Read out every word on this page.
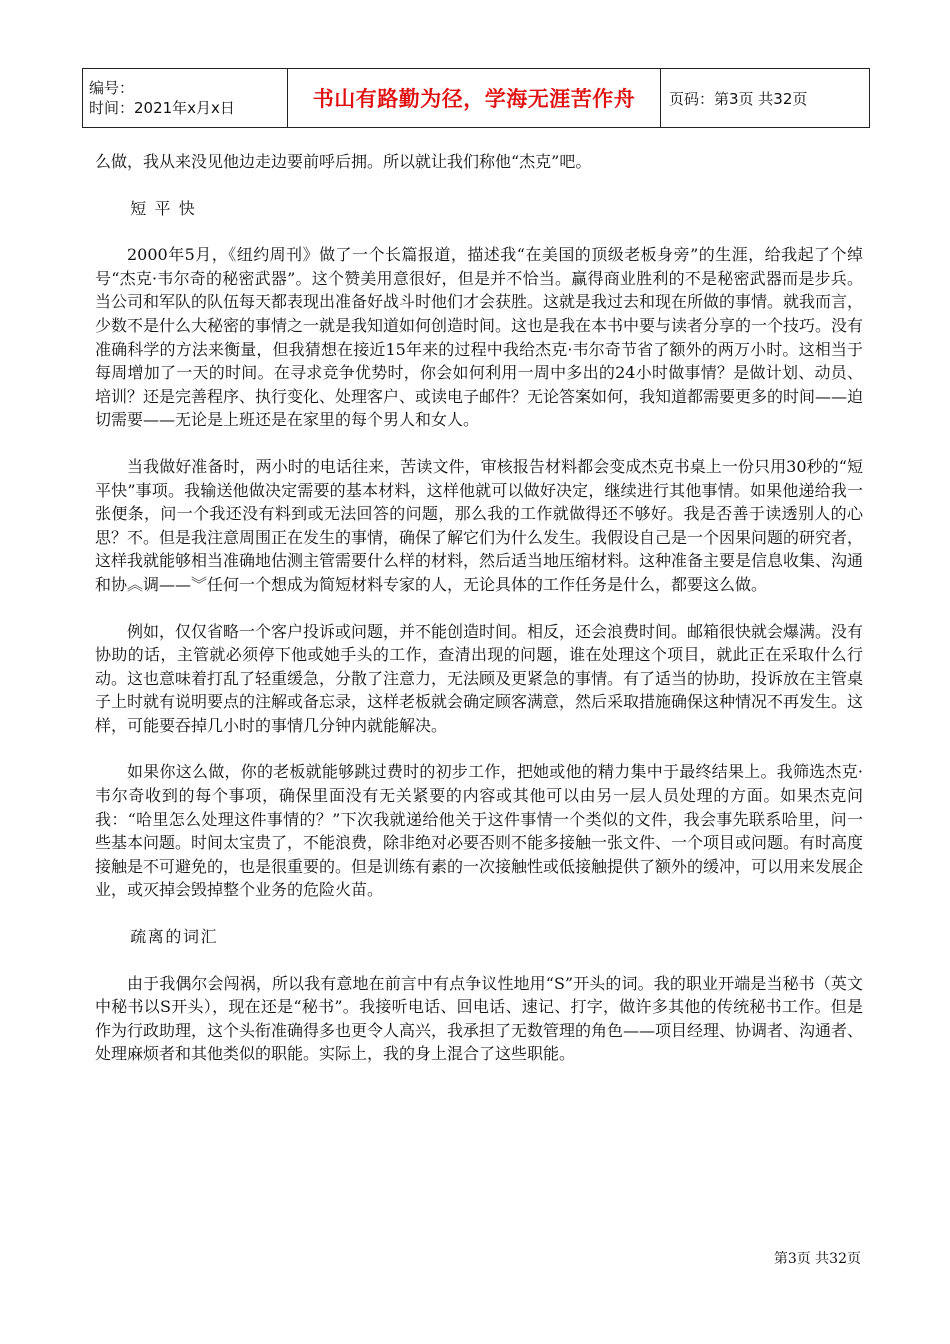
编号：
时间：2021年x月x日	书山有路勤为径，学海无涯苦作舟	页码：第3页 共32页

么做，我从来没见他边走边要前呼后拥。所以就让我们称他“杰克”吧。

短 平 快

2000年5月，《纽约周刊》做了一个长篇报道，描述我“在美国的顶级老板身旁”的生涯，给我起了个绰号“杰克·韦尔奇的秘密武器”。这个赞美用意很好，但是并不恰当。赢得商业胜利的不是秘密武器而是步兵。当公司和军队的队伍每天都表现出准备好战斗时他们才会获胜。这就是我过去和现在所做的事情。就我而言，少数不是什么大秘密的事情之一就是我知道如何创造时间。这也是我在本书中要与读者分享的一个技巧。没有准确科学的方法来衡量，但我猜想在接近15年来的过程中我给杰克·韦尔奇节省了额外的两万小时。这相当于每周增加了一天的时间。在寻求竞争优势时，你会如何利用一周中多出的24小时做事情？是做计划、动员、培训？还是完善程序、执行变化、处理客户、或读电子邮件？无论答案如何，我知道都需要更多的时间——迫切需要——无论是上班还是在家里的每个男人和女人。

当我做好准备时，两小时的电话往来，苦读文件，审核报告材料都会变成杰克书桌上一份只用30秒的“短平快”事项。我输送他做决定需要的基本材料，这样他就可以做好决定，继续进行其他事情。如果他递给我一张便条，问一个我还没有料到或无法回答的问题，那么我的工作就做得还不够好。我是否善于读透别人的心思？不。但是我注意周围正在发生的事情，确保了解它们为什么发生。我假设自己是一个因果问题的研究者，这样我就能够相当准确地估测主管需要什么样的材料，然后适当地压缩材料。这种准备主要是信息收集、沟通和协︽调——︾任何一个想成为简短材料专家的人，无论具体的工作任务是什么，都要这么做。

例如，仅仅省略一个客户投诉或问题，并不能创造时间。相反，还会浪费时间。邮箱很快就会爆满。没有协助的话，主管就必须停下他或她手头的工作，查清出现的问题，谁在处理这个项目，就此正在采取什么行动。这也意味着打乱了轻重缓急，分散了注意力，无法顾及更紧急的事情。有了适当的协助，投诉放在主管桌子上时就有说明要点的注解或备忘录，这样老板就会确定顾客满意，然后采取措施确保这种情况不再发生。这样，可能要吞掉几小时的事情几分钟内就能解决。

如果你这么做，你的老板就能够跳过费时的初步工作，把她或他的精力集中于最终结果上。我筛选杰克·韦尔奇收到的每个事项，确保里面没有无关紧要的内容或其他可以由另一层人员处理的方面。如果杰克问我：“哈里怎么处理这件事情的？”下次我就递给他关于这件事情一个类似的文件，我会事先联系哈里，问一些基本问题。时间太宝贵了，不能浪费，除非绝对必要否则不能多接触一张文件、一个项目或问题。有时高度接触是不可避免的，也是很重要的。但是训练有素的一次接触性或低接触提供了额外的缓冲，可以用来发展企业，或灭掉会毁掉整个业务的危险火苗。

疏离的词汇

由于我偶尔会闯祸，所以我有意地在前言中有点争议性地用“S”开头的词。我的职业开端是当秘书（英文中秘书以S开头），现在还是“秘书”。我接听电话、回电话、速记、打字，做许多其他的传统秘书工作。但是作为行政助理，这个头衔准确得多也更令人高兴，我承担了无数管理的角色——项目经理、协调者、沟通者、处理麻烦者和其他类似的职能。实际上，我的身上混合了这些职能。

第3页 共32页
